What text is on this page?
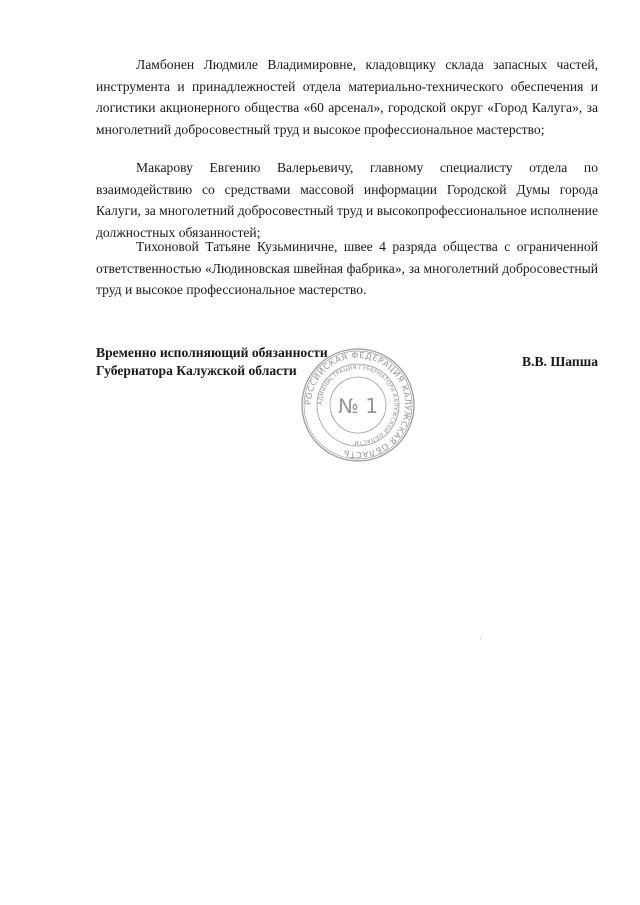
Ламбонен Людмиле Владимировне, кладовщику склада запасных частей, инструмента и принадлежностей отдела материально-технического обеспечения и логистики акционерного общества «60 арсенал», городской округ «Город Калуга», за многолетний добросовестный труд и высокое профессиональное мастерство;

Макарову Евгению Валерьевичу, главному специалисту отдела по взаимодействию со средствами массовой информации Городской Думы города Калуги, за многолетний добросовестный труд и высокопрофессиональное исполнение должностных обязанностей;

Тихоновой Татьяне Кузьминичне, швее 4 разряда общества с ограниченной ответственностью «Людиновская швейная фабрика», за многолетний добросовестный труд и высокое профессиональное мастерство.

Временно исполняющий обязанности
Губернатора Калужской области
РОССИЙСКАЯ ФЕДЕРАЦИЯ КАЛУЖСКАЯ ОБЛАСТЬ
АДМИНИСТРАЦИЯ ГУБЕРНАТОРА КАЛУЖСКОЙ ОБЛАСТИ
№ 1
В.В. Шапша
